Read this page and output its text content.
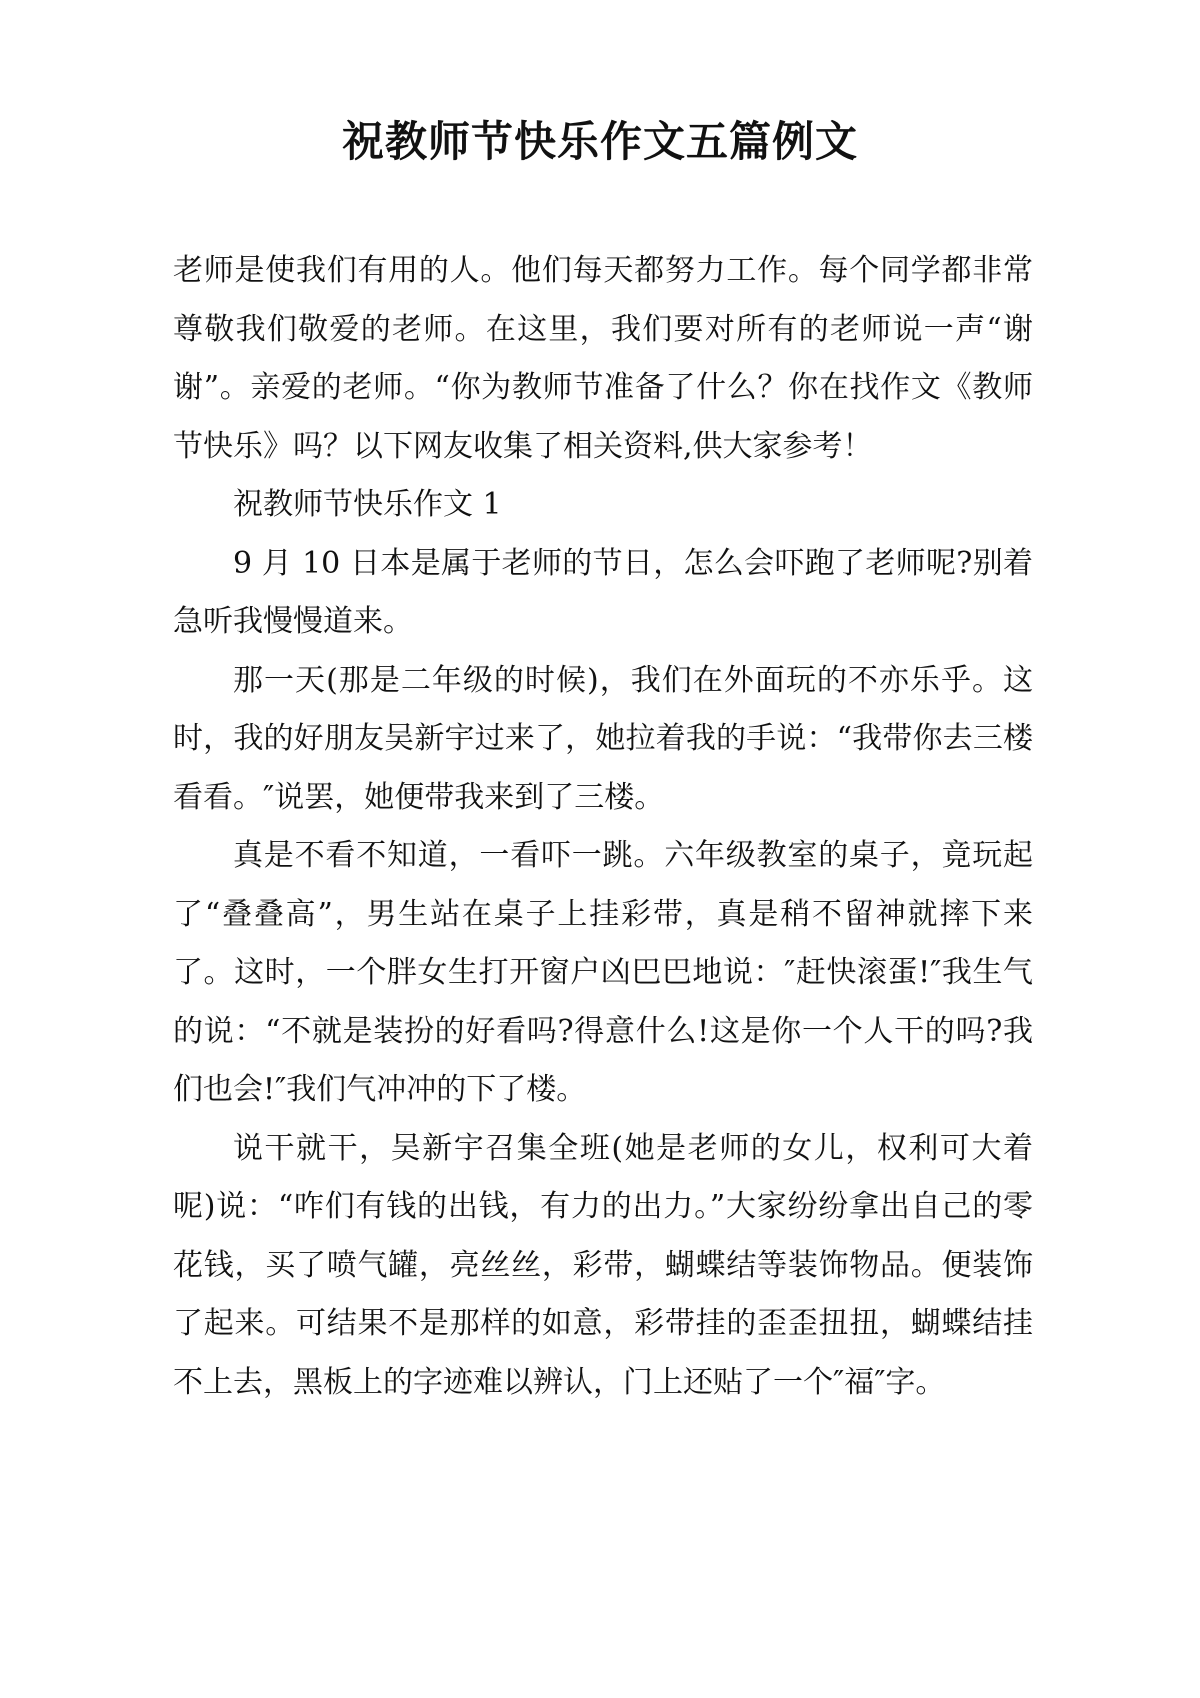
祝教师节快乐作文五篇例文

老师是使我们有用的人。他们每天都努力工作。每个同学都非常尊敬我们敬爱的老师。在这里，我们要对所有的老师说一声“谢谢”。亲爱的老师。“你为教师节准备了什么？你在找作文《教师节快乐》吗？以下网友收集了相关资料,供大家参考！

祝教师节快乐作文 1

9 月 10 日本是属于老师的节日，怎么会吓跑了老师呢?别着急听我慢慢道来。

那一天(那是二年级的时候)，我们在外面玩的不亦乐乎。这时，我的好朋友吴新宇过来了，她拉着我的手说：“我带你去三楼看看。″说罢，她便带我来到了三楼。

真是不看不知道，一看吓一跳。六年级教室的桌子，竟玩起了“叠叠高”，男生站在桌子上挂彩带，真是稍不留神就摔下来了。这时，一个胖女生打开窗户凶巴巴地说：″赶快滚蛋!″我生气的说：“不就是装扮的好看吗?得意什么!这是你一个人干的吗?我们也会!″我们气冲冲的下了楼。

说干就干，吴新宇召集全班(她是老师的女儿，权利可大着呢)说：“咋们有钱的出钱，有力的出力。”大家纷纷拿出自己的零花钱，买了喷气罐，亮丝丝，彩带，蝴蝶结等装饰物品。便装饰了起来。可结果不是那样的如意，彩带挂的歪歪扭扭，蝴蝶结挂不上去，黑板上的字迹难以辨认，门上还贴了一个″福″字。
